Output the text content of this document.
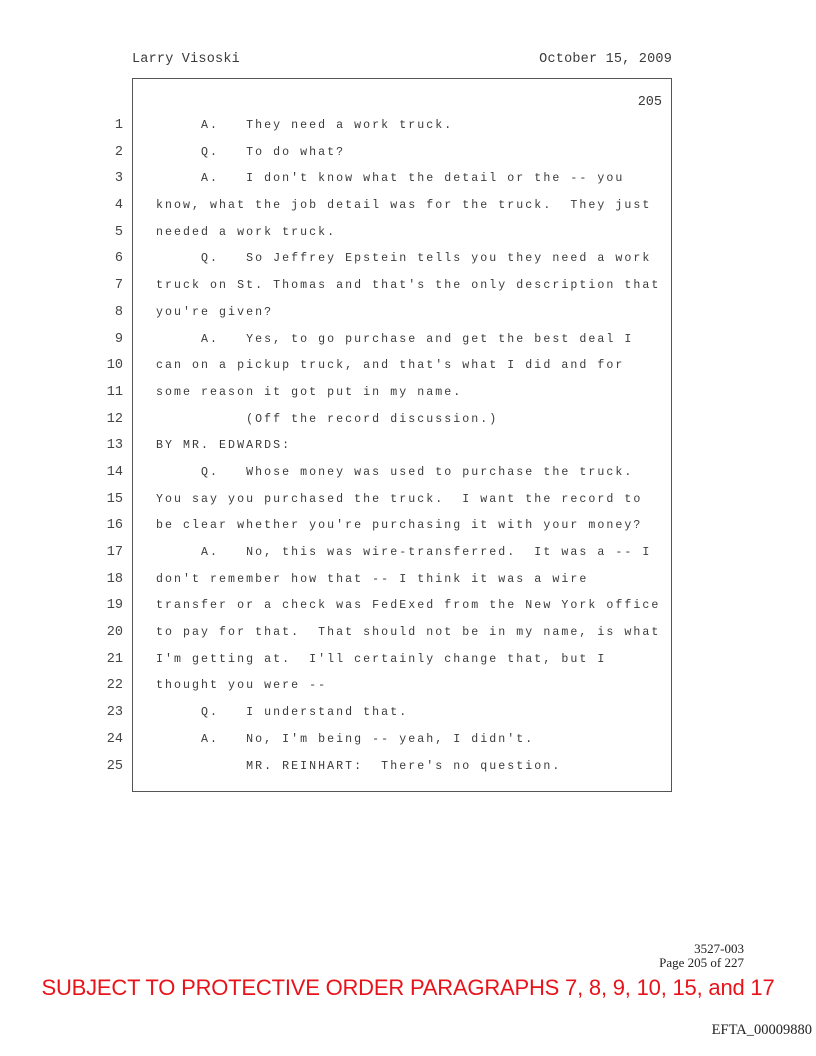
Larry Visoski	October 15, 2009
205
1
2
3
4
5
6
7
8
9
10
11
12
13
14
15
16
17
18
19
20
21
22
23
24
25
A.   They need a work truck.
Q.   To do what?
A.   I don't know what the detail or the -- you
know, what the job detail was for the truck.  They just
needed a work truck.
Q.   So Jeffrey Epstein tells you they need a work
truck on St. Thomas and that's the only description that
you're given?
A.   Yes, to go purchase and get the best deal I
can on a pickup truck, and that's what I did and for
some reason it got put in my name.
(Off the record discussion.)
BY MR. EDWARDS:
Q.   Whose money was used to purchase the truck.
You say you purchased the truck.  I want the record to
be clear whether you're purchasing it with your money?
A.   No, this was wire-transferred.  It was a -- I
don't remember how that -- I think it was a wire
transfer or a check was FedExed from the New York office
to pay for that.  That should not be in my name, is what
I'm getting at.  I'll certainly change that, but I
thought you were --
Q.   I understand that.
A.   No, I'm being -- yeah, I didn't.
MR. REINHART:  There's no question.
3527-003
Page 205 of 227
SUBJECT TO PROTECTIVE ORDER PARAGRAPHS 7, 8, 9, 10, 15, and 17
EFTA_00009880
